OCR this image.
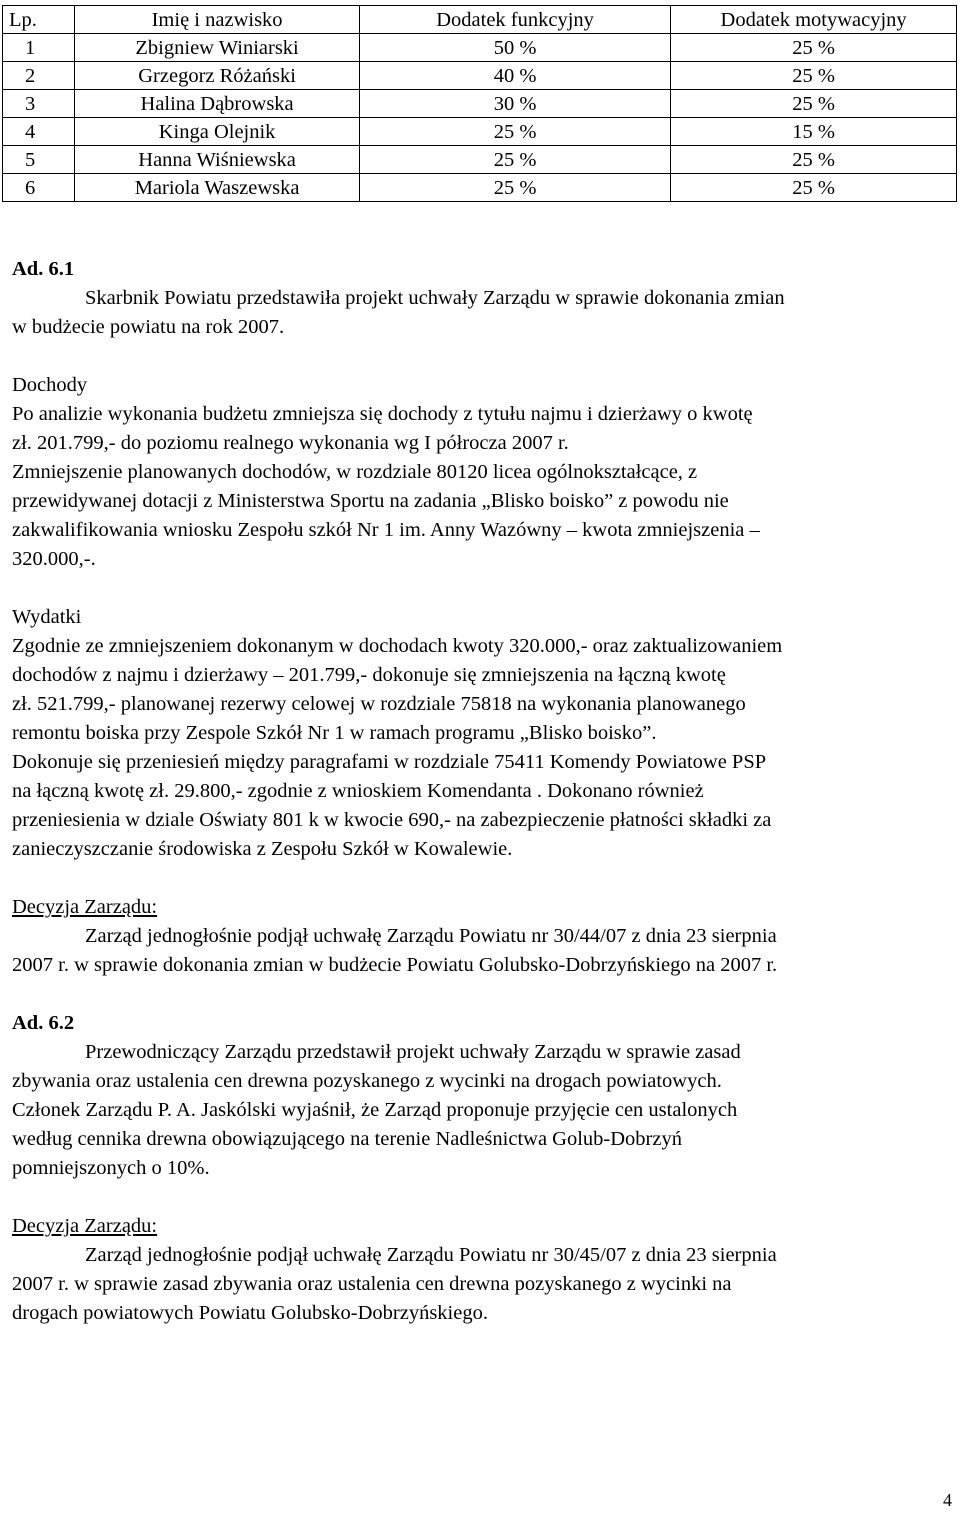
Lp.	Imię i nazwisko	Dodatek funkcyjny	Dodatek motywacyjny
1	Zbigniew Winiarski	50 %	25 %
2	Grzegorz Różański	40 %	25 %
3	Halina Dąbrowska	30 %	25 %
4	Kinga Olejnik	25 %	15 %
5	Hanna Wiśniewska	25 %	25 %
6	Mariola Waszewska	25 %	25 %
Ad. 6.1
Skarbnik Powiatu przedstawiła projekt uchwały Zarządu w sprawie dokonania zmian
w budżecie powiatu na rok 2007.
Dochody
Po analizie wykonania budżetu zmniejsza się dochody z tytułu najmu i dzierżawy o kwotę
zł. 201.799,- do poziomu realnego wykonania wg I półrocza 2007 r.
Zmniejszenie planowanych dochodów, w rozdziale 80120 licea ogólnokształcące, z
przewidywanej dotacji z Ministerstwa Sportu na zadania „Blisko boisko” z powodu nie
zakwalifikowania wniosku Zespołu szkół Nr 1 im. Anny Wazówny – kwota zmniejszenia –
320.000,-.
Wydatki
Zgodnie ze zmniejszeniem dokonanym w dochodach kwoty 320.000,- oraz zaktualizowaniem
dochodów z najmu i dzierżawy – 201.799,- dokonuje się zmniejszenia na łączną kwotę
zł. 521.799,- planowanej rezerwy celowej w rozdziale 75818 na wykonania planowanego
remontu boiska przy Zespole Szkół Nr 1 w ramach programu „Blisko boisko”.
Dokonuje się przeniesień między paragrafami w rozdziale 75411 Komendy Powiatowe PSP
na łączną kwotę zł. 29.800,- zgodnie z wnioskiem Komendanta . Dokonano również
przeniesienia w dziale Oświaty 801 k w kwocie 690,- na zabezpieczenie płatności składki za
zanieczyszczanie środowiska z Zespołu Szkół w Kowalewie.
Decyzja Zarządu:
Zarząd jednogłośnie podjął uchwałę Zarządu Powiatu nr 30/44/07 z dnia 23 sierpnia
2007 r. w sprawie dokonania zmian w budżecie Powiatu Golubsko-Dobrzyńskiego na 2007 r.
Ad. 6.2
Przewodniczący Zarządu przedstawił projekt uchwały Zarządu w sprawie zasad
zbywania oraz ustalenia cen drewna pozyskanego z wycinki na drogach powiatowych.
Członek Zarządu P. A. Jaskólski wyjaśnił, że Zarząd proponuje przyjęcie cen ustalonych
według cennika drewna obowiązującego na terenie Nadleśnictwa Golub-Dobrzyń
pomniejszonych o 10%.
Decyzja Zarządu:
Zarząd jednogłośnie podjął uchwałę Zarządu Powiatu nr 30/45/07 z dnia 23 sierpnia
2007 r. w sprawie zasad zbywania oraz ustalenia cen drewna pozyskanego z wycinki na
drogach powiatowych Powiatu Golubsko-Dobrzyńskiego.
4
